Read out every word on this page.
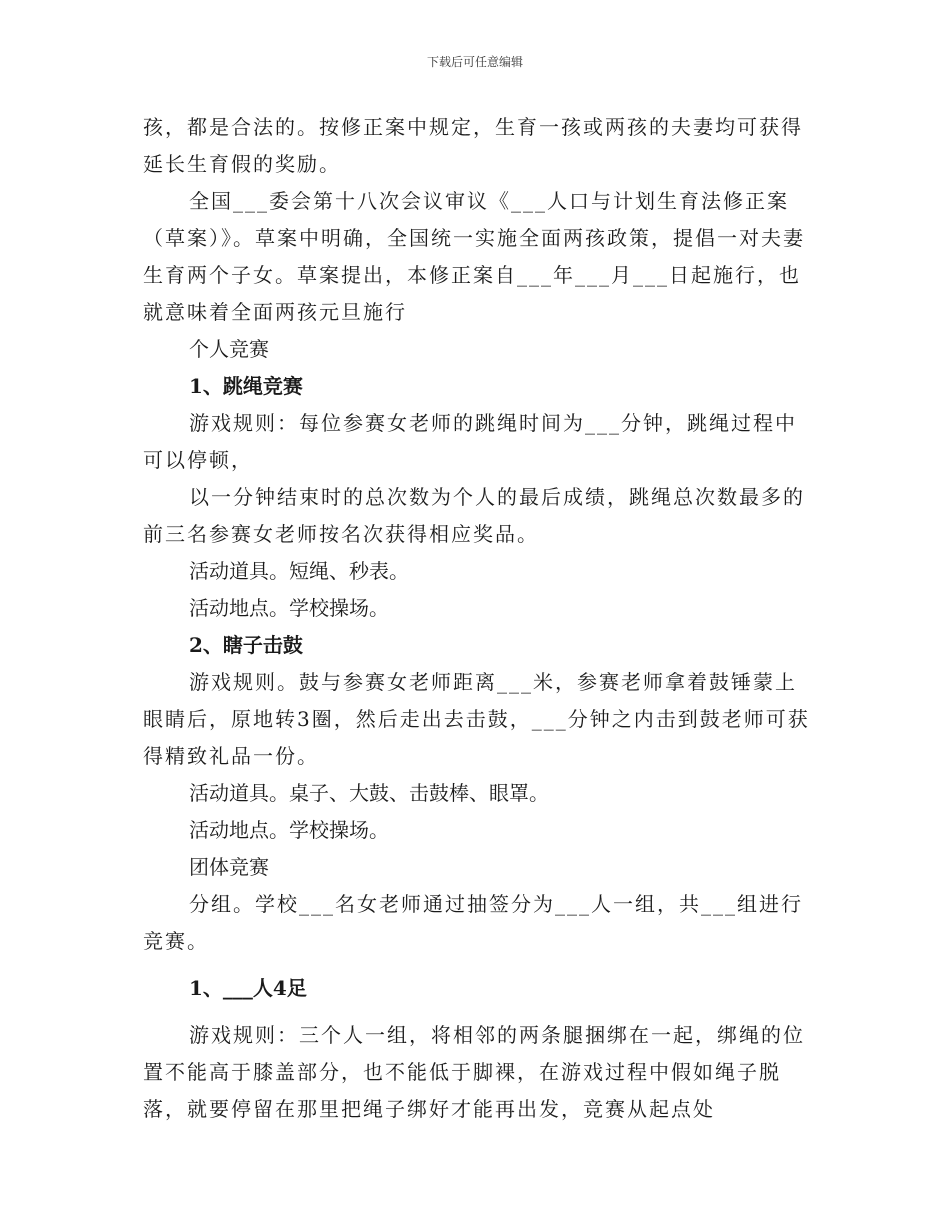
下载后可任意编辑

孩，都是合法的。按修正案中规定，生育一孩或两孩的夫妻均可获得延长生育假的奖励。

全国___委会第十八次会议审议《___人口与计划生育法修正案（草案）》。草案中明确，全国统一实施全面两孩政策，提倡一对夫妻生育两个子女。草案提出，本修正案自___年___月___日起施行，也就意味着全面两孩元旦施行

个人竞赛

1、跳绳竞赛

游戏规则：每位参赛女老师的跳绳时间为___分钟，跳绳过程中可以停顿，

以一分钟结束时的总次数为个人的最后成绩，跳绳总次数最多的前三名参赛女老师按名次获得相应奖品。

活动道具。短绳、秒表。

活动地点。学校操场。

2、瞎子击鼓

游戏规则。鼓与参赛女老师距离___米，参赛老师拿着鼓锤蒙上眼睛后，原地转3圈，然后走出去击鼓，___分钟之内击到鼓老师可获得精致礼品一份。

活动道具。桌子、大鼓、击鼓棒、眼罩。

活动地点。学校操场。

团体竞赛

分组。学校___名女老师通过抽签分为___人一组，共___组进行竞赛。

1、___人4足

游戏规则：三个人一组，将相邻的两条腿捆绑在一起，绑绳的位置不能高于膝盖部分，也不能低于脚裸，在游戏过程中假如绳子脱落，就要停留在那里把绳子绑好才能再出发，竞赛从起点处
